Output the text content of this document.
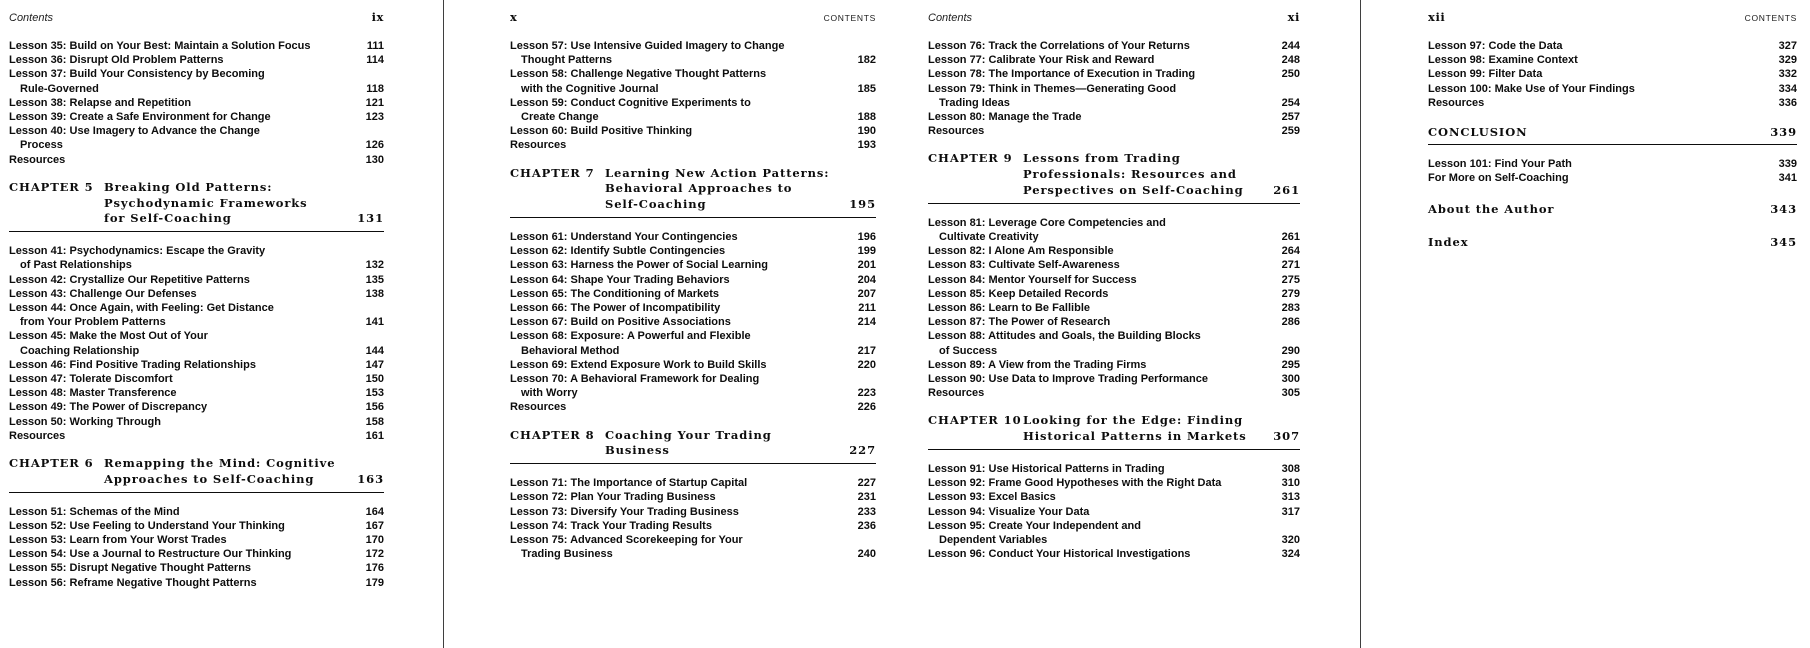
Contents	ix
Lesson 35: Build on Your Best: Maintain a Solution Focus	111
Lesson 36: Disrupt Old Problem Patterns	114
Lesson 37: Build Your Consistency by Becoming
Rule-Governed	118
Lesson 38: Relapse and Repetition	121
Lesson 39: Create a Safe Environment for Change	123
Lesson 40: Use Imagery to Advance the Change
Process	126
Resources	130
CHAPTER 5 Breaking Old Patterns:
Psychodynamic Frameworks
for Self-Coaching	131
Lesson 41: Psychodynamics: Escape the Gravity
of Past Relationships	132
Lesson 42: Crystallize Our Repetitive Patterns	135
Lesson 43: Challenge Our Defenses	138
Lesson 44: Once Again, with Feeling: Get Distance
from Your Problem Patterns	141
Lesson 45: Make the Most Out of Your
Coaching Relationship	144
Lesson 46: Find Positive Trading Relationships	147
Lesson 47: Tolerate Discomfort	150
Lesson 48: Master Transference	153
Lesson 49: The Power of Discrepancy	156
Lesson 50: Working Through	158
Resources	161
CHAPTER 6 Remapping the Mind: Cognitive
Approaches to Self-Coaching	163
Lesson 51: Schemas of the Mind	164
Lesson 52: Use Feeling to Understand Your Thinking	167
Lesson 53: Learn from Your Worst Trades	170
Lesson 54: Use a Journal to Restructure Our Thinking	172
Lesson 55: Disrupt Negative Thought Patterns	176
Lesson 56: Reframe Negative Thought Patterns	179
x	CONTENTS
Lesson 57: Use Intensive Guided Imagery to Change
Thought Patterns	182
Lesson 58: Challenge Negative Thought Patterns
with the Cognitive Journal	185
Lesson 59: Conduct Cognitive Experiments to
Create Change	188
Lesson 60: Build Positive Thinking	190
Resources	193
CHAPTER 7 Learning New Action Patterns:
Behavioral Approaches to
Self-Coaching	195
Lesson 61: Understand Your Contingencies	196
Lesson 62: Identify Subtle Contingencies	199
Lesson 63: Harness the Power of Social Learning	201
Lesson 64: Shape Your Trading Behaviors	204
Lesson 65: The Conditioning of Markets	207
Lesson 66: The Power of Incompatibility	211
Lesson 67: Build on Positive Associations	214
Lesson 68: Exposure: A Powerful and Flexible
Behavioral Method	217
Lesson 69: Extend Exposure Work to Build Skills	220
Lesson 70: A Behavioral Framework for Dealing
with Worry	223
Resources	226
CHAPTER 8 Coaching Your Trading
Business	227
Lesson 71: The Importance of Startup Capital	227
Lesson 72: Plan Your Trading Business	231
Lesson 73: Diversify Your Trading Business	233
Lesson 74: Track Your Trading Results	236
Lesson 75: Advanced Scorekeeping for Your
Trading Business	240
Contents	xi
Lesson 76: Track the Correlations of Your Returns	244
Lesson 77: Calibrate Your Risk and Reward	248
Lesson 78: The Importance of Execution in Trading	250
Lesson 79: Think in Themes—Generating Good
Trading Ideas	254
Lesson 80: Manage the Trade	257
Resources	259
CHAPTER 9 Lessons from Trading
Professionals: Resources and
Perspectives on Self-Coaching	261
Lesson 81: Leverage Core Competencies and
Cultivate Creativity	261
Lesson 82: I Alone Am Responsible	264
Lesson 83: Cultivate Self-Awareness	271
Lesson 84: Mentor Yourself for Success	275
Lesson 85: Keep Detailed Records	279
Lesson 86: Learn to Be Fallible	283
Lesson 87: The Power of Research	286
Lesson 88: Attitudes and Goals, the Building Blocks
of Success	290
Lesson 89: A View from the Trading Firms	295
Lesson 90: Use Data to Improve Trading Performance	300
Resources	305
CHAPTER 10 Looking for the Edge: Finding
Historical Patterns in Markets 307
Lesson 91: Use Historical Patterns in Trading	308
Lesson 92: Frame Good Hypotheses with the Right Data	310
Lesson 93: Excel Basics	313
Lesson 94: Visualize Your Data	317
Lesson 95: Create Your Independent and
Dependent Variables	320
Lesson 96: Conduct Your Historical Investigations	324
xii	CONTENTS
Lesson 97: Code the Data	327
Lesson 98: Examine Context	329
Lesson 99: Filter Data	332
Lesson 100: Make Use of Your Findings	334
Resources	336
CONCLUSION	339
Lesson 101: Find Your Path	339
For More on Self-Coaching	341
About the Author	343
Index	345
